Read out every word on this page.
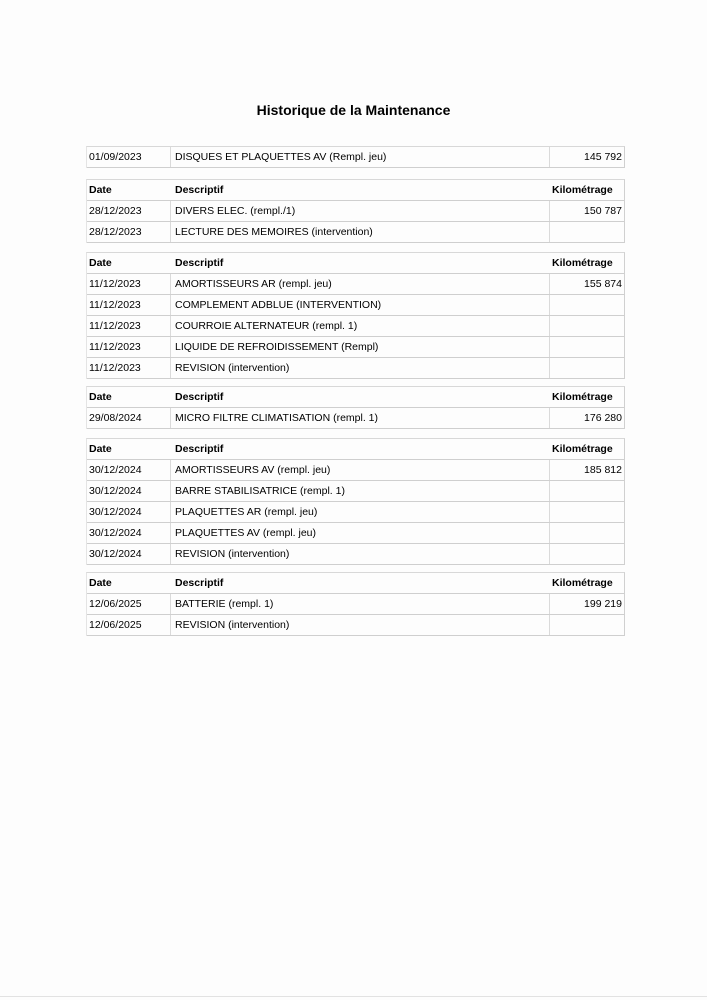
Historique de la Maintenance
01/09/2023	DISQUES ET PLAQUETTES AV (Rempl. jeu)	145 792
Date	Descriptif	Kilométrage
28/12/2023	DIVERS ELEC. (rempl./1)	150 787
28/12/2023	LECTURE DES MEMOIRES (intervention)
Date	Descriptif	Kilométrage
11/12/2023	AMORTISSEURS AR (rempl. jeu)	155 874
11/12/2023	COMPLEMENT ADBLUE (INTERVENTION)
11/12/2023	COURROIE ALTERNATEUR (rempl. 1)
11/12/2023	LIQUIDE DE REFROIDISSEMENT (Rempl)
11/12/2023	REVISION (intervention)
Date	Descriptif	Kilométrage
29/08/2024	MICRO FILTRE CLIMATISATION (rempl. 1)	176 280
Date	Descriptif	Kilométrage
30/12/2024	AMORTISSEURS AV (rempl. jeu)	185 812
30/12/2024	BARRE STABILISATRICE (rempl. 1)
30/12/2024	PLAQUETTES AR (rempl. jeu)
30/12/2024	PLAQUETTES AV (rempl. jeu)
30/12/2024	REVISION (intervention)
Date	Descriptif	Kilométrage
12/06/2025	BATTERIE (rempl. 1)	199 219
12/06/2025	REVISION (intervention)
